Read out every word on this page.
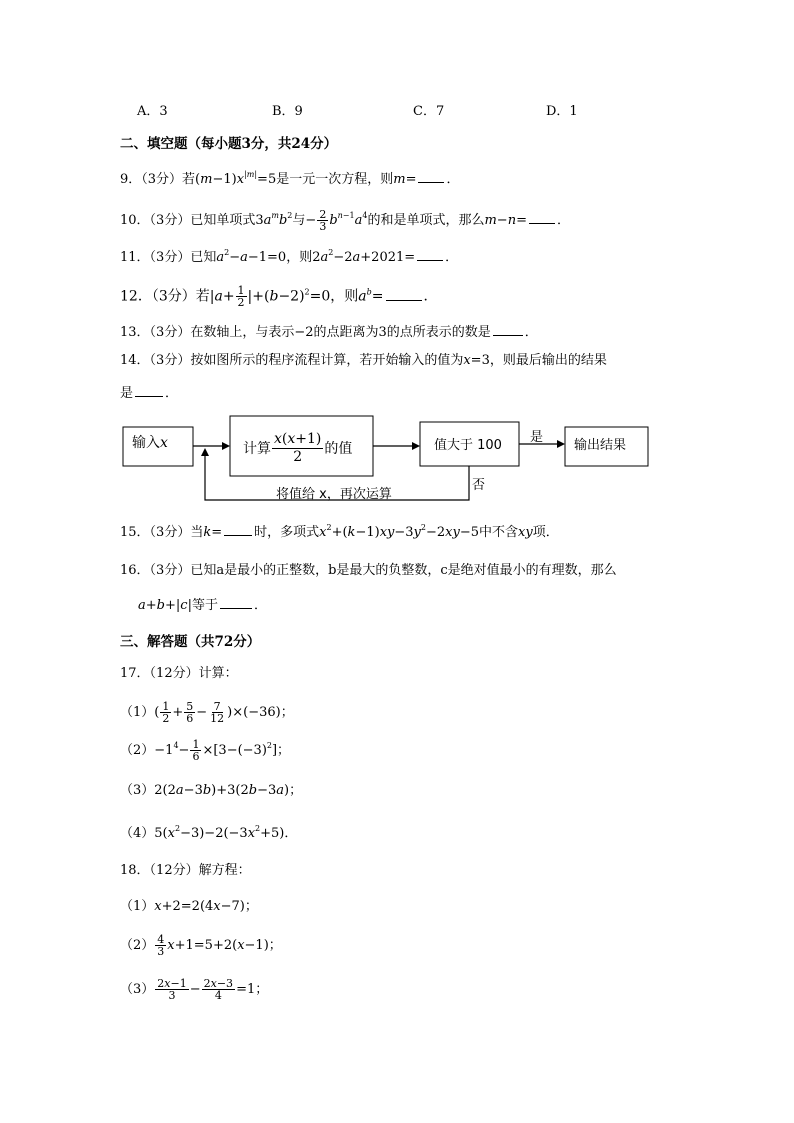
A．3	B．9	C．7	D．1
二、填空题（每小题3分，共24分）
9．（3分）若$(m-1)x^{|m|}=5$是一元一次方程，则m= ．
10．（3分）已知单项式$3a^mb^2$与− $\frac{2}{3} b^{n-1}a^4$的和是单项式，那么m−n= ．
11．（3分）已知$a^2-a-1=0$，则$2a^2-2a+2021=$ ．
12．（3分）若$|a+ \frac{1}{2} |+(b-2)^2=0$，则$a^b=$	．
13．（3分）在数轴上，与表示−2的点距离为3的点所表示的数是	．
14．（3分）按如图所示的程序流程计算，若开始输入的值为x=3，则最后输出的结果
是 ．
输入x	计算 $\frac{x(x+1)}{2}$ 的值	值大于 100
是
输出结果
否
将值给 x，再次运算
15．（3分）当k= 时，多项式$x^2+(k-1)xy-3y^2-2xy-5$中不含xy项．
16．（3分）已知a是最小的正整数，b是最大的负整数，c是绝对值最小的有理数，那么
a+b+|c|等于	．
三、解答题（共72分）
17．（12分）计算：
$(1)( \frac{1}{2} + \frac{5}{6} - \frac{7}{12} )\times(-36)$；
$(2)-1^4- \frac{1}{6} \times[3-(-3)^2]$；
（3）2(2a−3b)+3(2b−3a)；
$(4)5(x^2-3)-2(-3x^2+5)$．
18．（12分）解方程：
（1）x+2=2(4x−7)；
$(2) \frac{4}{3} x+1=5+2(x-1)$；
$(3) \frac{2x-1}{3} - \frac{2x-3}{4} =1$；
